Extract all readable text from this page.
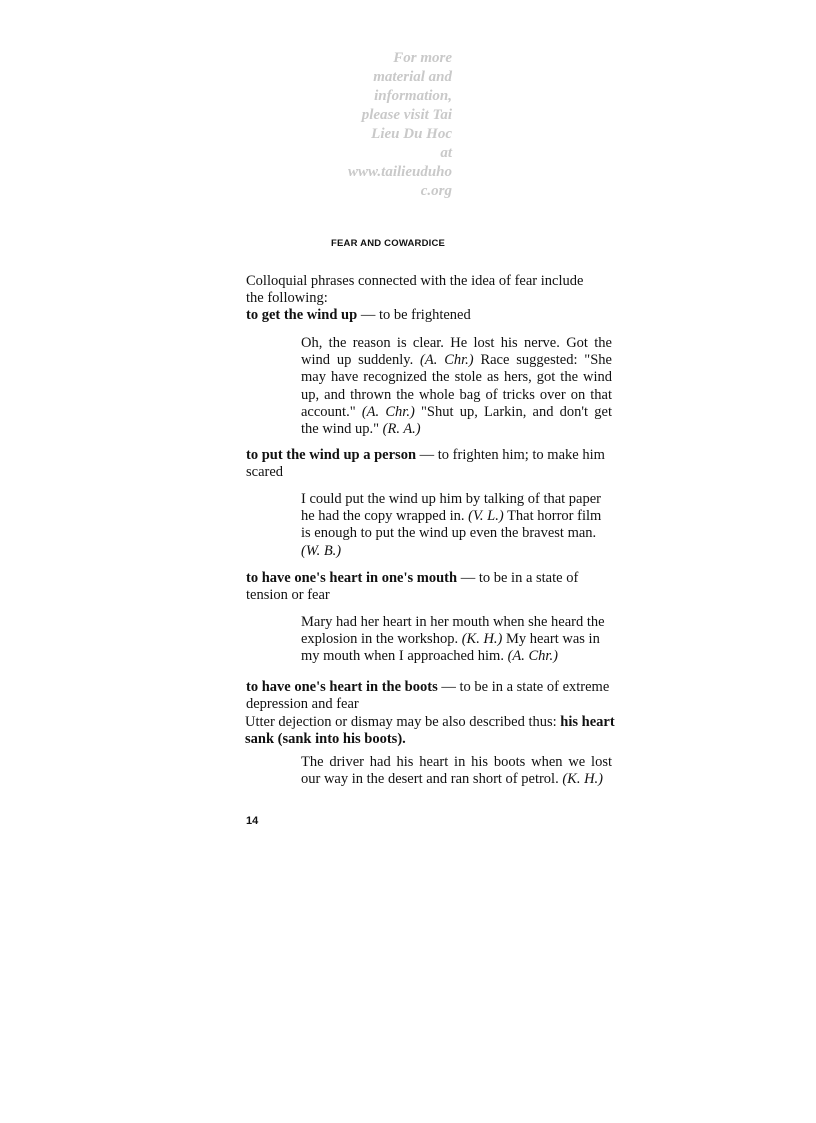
For more
material and
information,
please visit Tai
Lieu Du Hoc
at
www.tailieuduho
c.org
FEAR AND COWARDICE
Colloquial phrases connected with the idea of fear include
the following:
to get the wind up — to be frightened
Oh, the reason is clear. He lost his nerve. Got the wind up suddenly. (A. Chr.) Race suggested: "She may have recognized the stole as hers, got the wind up, and thrown the whole bag of tricks over on that account." (A. Chr.) "Shut up, Larkin, and don't get the wind up." (R. A.)
to put the wind up a person — to frighten him; to make him scared
I could put the wind up him by talking of that paper he had the copy wrapped in. (V. L.) That horror film is enough to put the wind up even the bravest man. (W. B.)
to have one's heart in one's mouth — to be in a state of tension or fear
Mary had her heart in her mouth when she heard the explosion in the workshop. (K. H.) My heart was in my mouth when I approached him. (A. Chr.)
to have one's heart in the boots — to be in a state of extreme depression and fear
Utter dejection or dismay may be also described thus: his heart sank (sank into his boots).
The driver had his heart in his boots when we lost our way in the desert and ran short of petrol. (K. H.)
14
